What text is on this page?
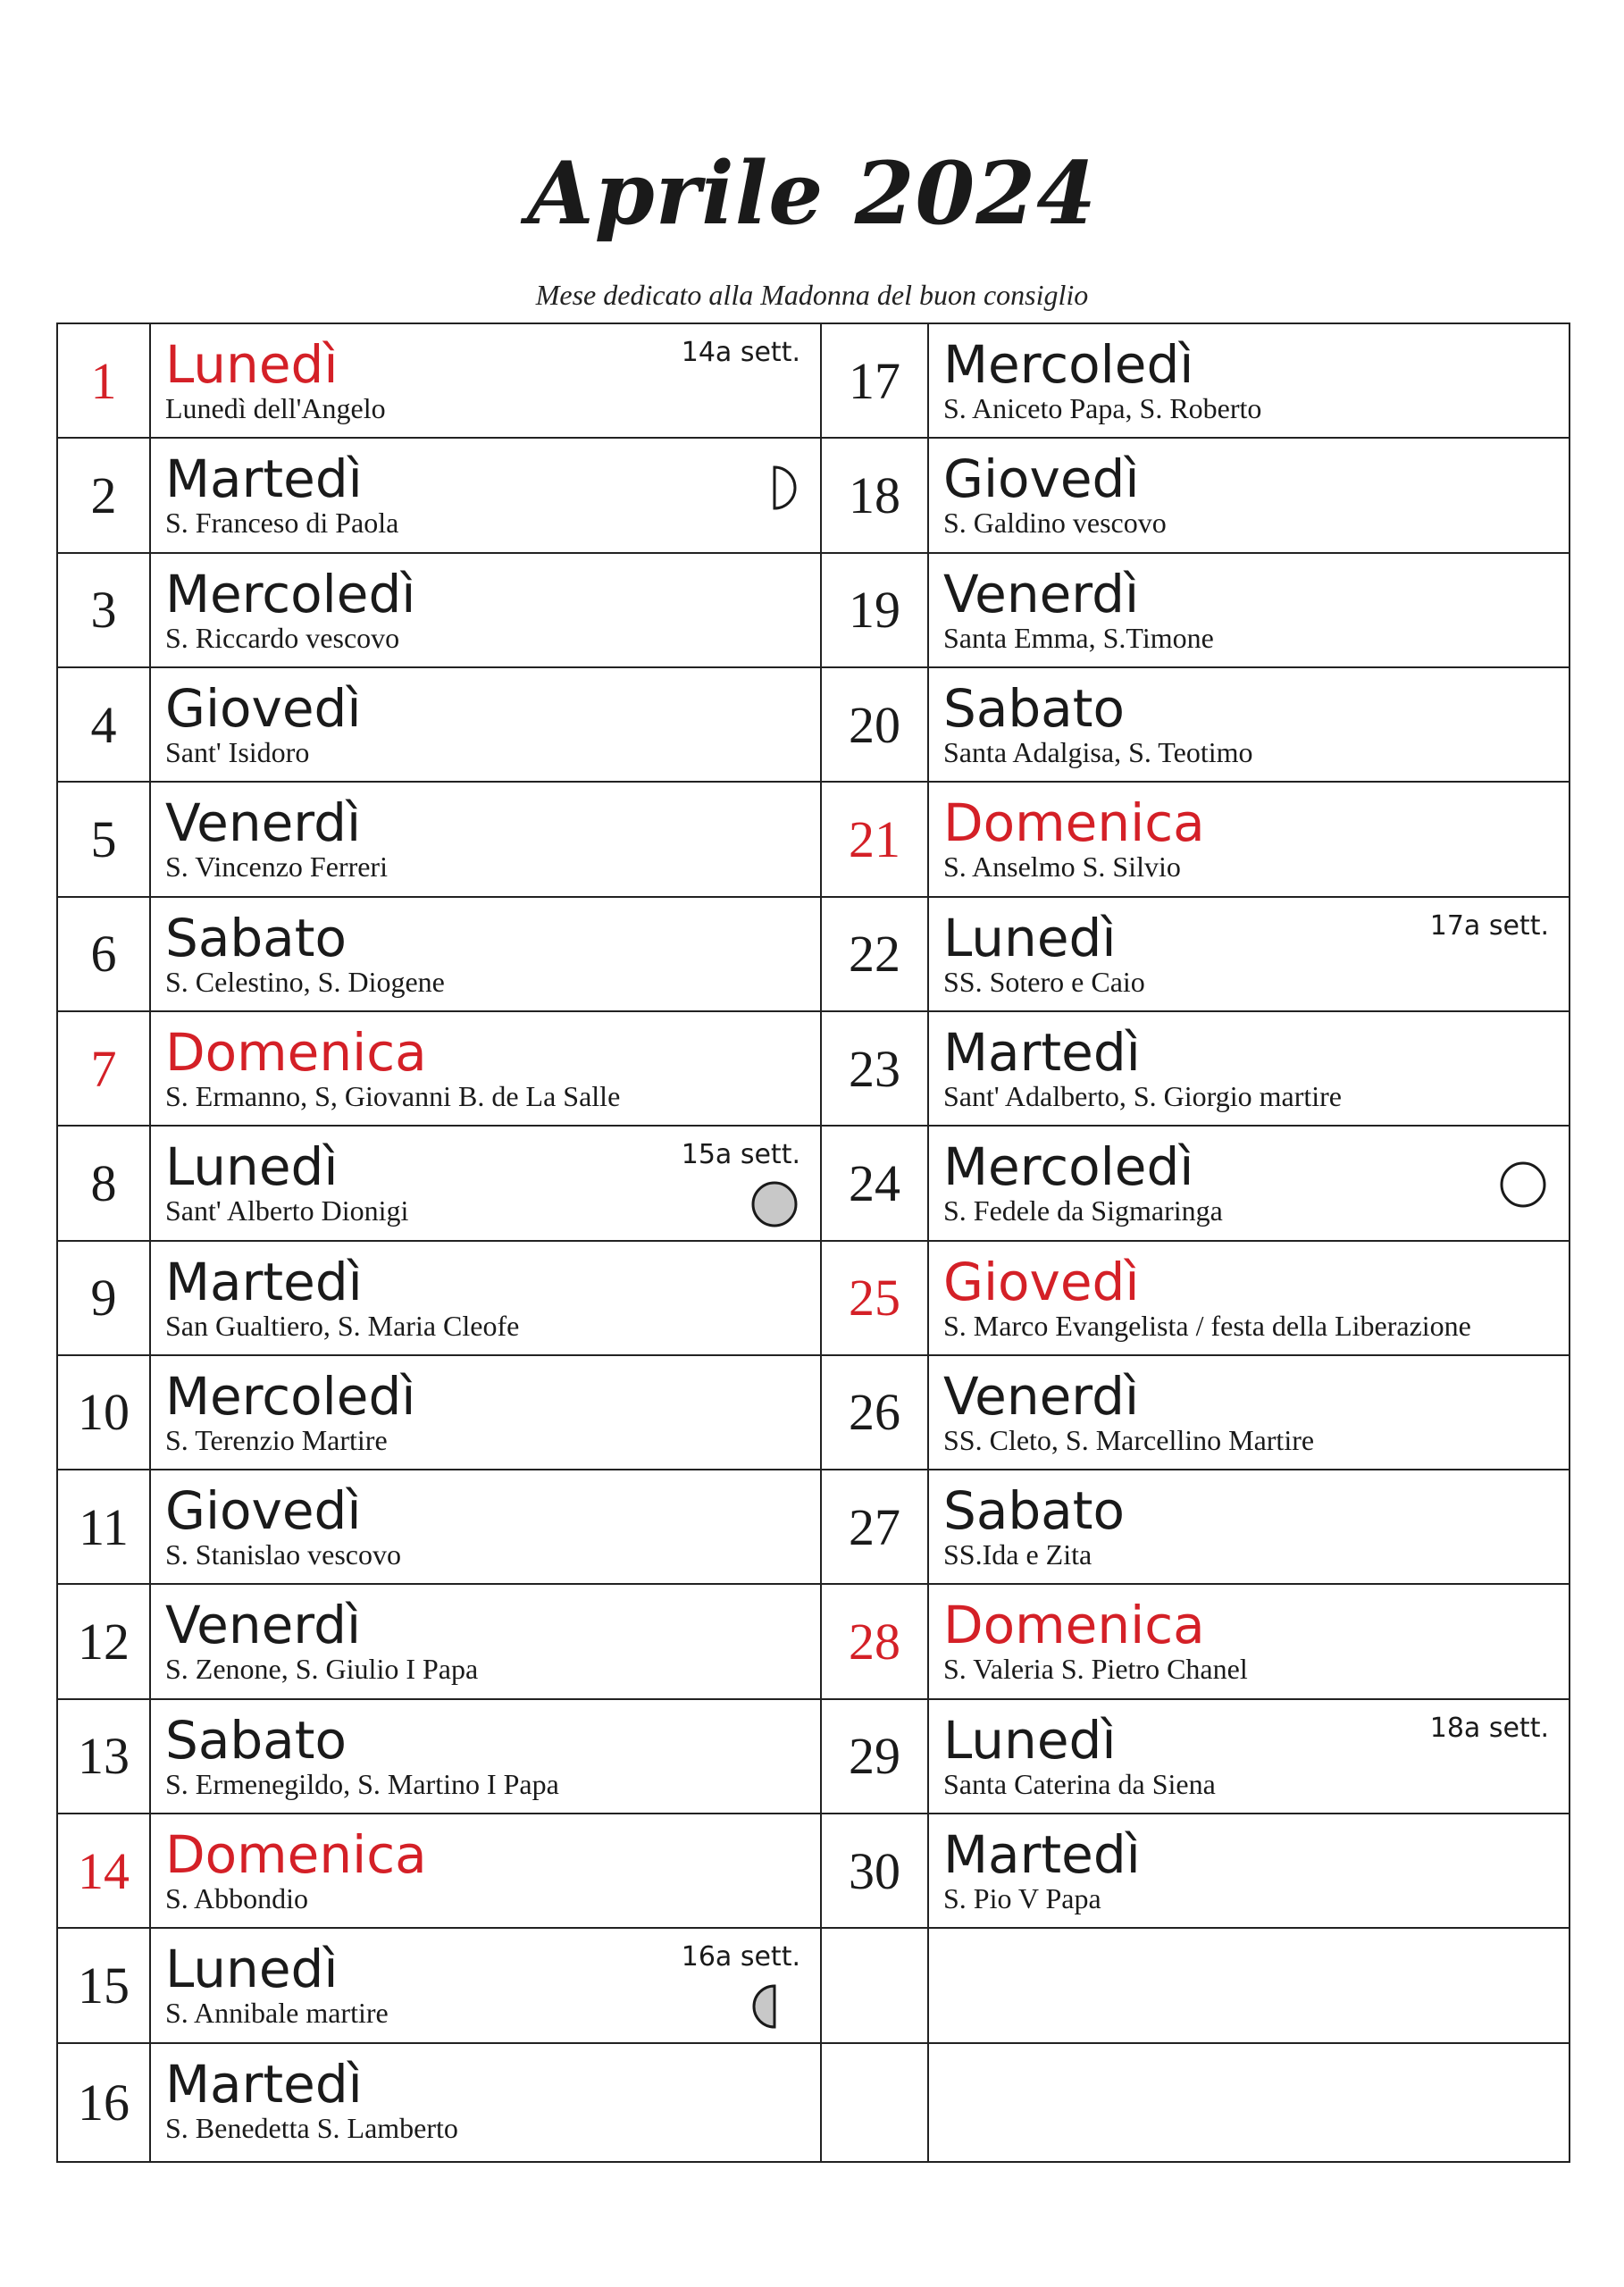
Aprile 2024
Mese dedicato alla Madonna del buon consiglio
1 Lunedì
Lunedì dell'Angelo
14a sett.
2 Martedì
S. Franceso di Paola
3 Mercoledì
S. Riccardo vescovo
4 Giovedì
Sant' Isidoro
5 Venerdì
S. Vincenzo Ferreri
6 Sabato
S. Celestino, S. Diogene
7 Domenica
S. Ermanno, S, Giovanni B. de La Salle
8 Lunedì
Sant' Alberto Dionigi
15a sett.
9 Martedì
San Gualtiero, S. Maria Cleofe
10 Mercoledì
S. Terenzio Martire
11 Giovedì
S. Stanislao vescovo
12 Venerdì
S. Zenone, S. Giulio I Papa
13 Sabato
S. Ermenegildo, S. Martino I Papa
14 Domenica
S. Abbondio
15 Lunedì
S. Annibale martire
16a sett.
16 Martedì
S. Benedetta S. Lamberto
17 Mercoledì
S. Aniceto Papa, S. Roberto
18 Giovedì
S. Galdino vescovo
19 Venerdì
Santa Emma, S.Timone
20 Sabato
Santa Adalgisa, S. Teotimo
21 Domenica
S. Anselmo S. Silvio
22 Lunedì
SS. Sotero e Caio
17a sett.
23 Martedì
Sant' Adalberto, S. Giorgio martire
24 Mercoledì
S. Fedele da Sigmaringa
25 Giovedì
S. Marco Evangelista / festa della Liberazione
26 Venerdì
SS. Cleto, S. Marcellino Martire
27 Sabato
SS.Ida e Zita
28 Domenica
S. Valeria S. Pietro Chanel
29 Lunedì
Santa Caterina da Siena
18a sett.
30 Martedì
S. Pio V Papa
